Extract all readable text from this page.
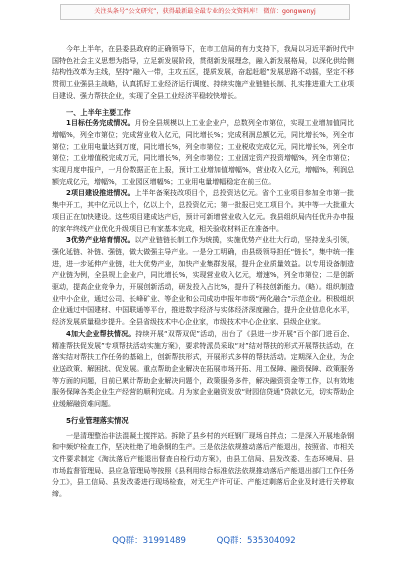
关注头条号“公文研究”，获得最新最全最专业的公文资料库！ 微信：gongwenyj

今年上半年，在县委县政府的正确领导下，在市工信局的有力支持下，我局以习近平新时代中国特色社会主义思想为指导，立足新发展阶段，贯彻新发展理念，融入新发展格局，以深化供给侧结构性改革为主线，坚持“融入一带，主攻五区，提质发展，奋起赶超”发展思路不动摇，坚定不移贯彻工业强县主战略，认真抓好工业经济运行调度、持续实施产业链链长制、扎实推进重大工业项目建设、强力帮扶企业，实现了全县工业经济平稳较快增长。

一、上半年主要工作

1目标任务完成情况。月份全县规模以上工业企业户，总数列全市第位，实现工业增加值同比增幅%，列全市第位；完成营业收入亿元，同比增长%；完成利润总额亿元，同比增长%，列全市第位；工业用电量达到万度，同比增长%，列全市第位；工业税收完成亿元，同比增长%，列全市第位；工业增值税完成万元，同比增长%，列全市第位；工业固定资产投资增幅%，列全市第位；实现月度申报户，一月份数据正在上报，预计工业增加值增幅%，营业收入亿元，增幅%，利润总额完成亿元，增幅%，工业园区增幅%；工业用电量增幅稳定在前三位。

2项目建设推进情况。上半年备案技改项目个，总投资达亿元。省个工业项目参加全市第一批集中开工，其中亿元以上个，亿以上个，总投资亿元；第一批报已完工项目个。其中等一大批重大项目正在加快建设。这些项目建成达产后，预计可新增营业收入亿元。我县组织局内任优升办申报的家年终线产业优化升级项目已有家基本完成，相关验收材料正在准备中。

3优势产业培育情况。以产业链链长制工作为统揽，实施优势产业壮大行动，坚持龙头引领，强化延链、补链、强链，做大做强主导产业。一是分工明确，由县级领导担任“链长”，集中统一推进，进一步延伸产业链，壮大优势产业，加快产业集群发展，提升企业质量效益。以专用设备制造产业链为例，全县规上企业户，同比增长%，实现营业收入亿元，增速%，列全市第位；二是创新驱动，提高企业竞争力，开展创新活动，研发投入占比%，提升了科技创新能力。（略）。组织制造业中小企业，通过公司、长峰矿业、等企业和公司成功申报年市级“两化融合”示范企业。积极组织企业通过中国建材、中国联通等平台，推进数字经济与实体经济深度融合，提升企业信息化水平，经济发展质量稳步提升。全县省级技术中心企业家，市级技术中心企业家、县级企业家。

4加大企业帮扶情况。持续开展“双帮双促”活动，出台了《县进一步开展“百个部门进百企、精准帮扶促发展”专项帮扶活动实施方案》，要求特派员采取“对”结对帮扶的形式开展帮扶活动，在落实结对帮扶工作任务的基础上，创新帮扶形式，开展形式多样的帮扶活动。定期深入企业，为企业送政策、解困扰、促发展。重点帮助企业解决在拓展市场开拓、用工保障、融资保障、政策服务等方面的问题，目前已累计帮助企业解决问题个，政策服务多件，解决融资资金等工作，以有效地服务保障各类企业生产经营的顺利完成。月为家企业融资发放“财园信贷通”贷款亿元，切实帮助企业缓解融资难问题。

5行业管理落实情况

一是清理整治非法混凝土搅拌站。拆除了县乡村的兴旺钢厂现场自拌点；二是深入开展地条钢和中频炉检查工作，坚决杜绝了地条钢的生产。三是依法依规推动落后产能退出，按照省、市相关文件要求制定《淘汰落后产能退出督查自检行动方案》，由县工信局、县发改委、生态环境局、县市场监督管理局、县应急管理局等按照《县利用综合标准依法依规推动落后产能退出部门工作任务分工》，县工信局、县发改委进行现场检查，对无生产许可证、产能过剩落后企业及时进行关停取缔。

QQ群：31991489	QQ群：535304092
